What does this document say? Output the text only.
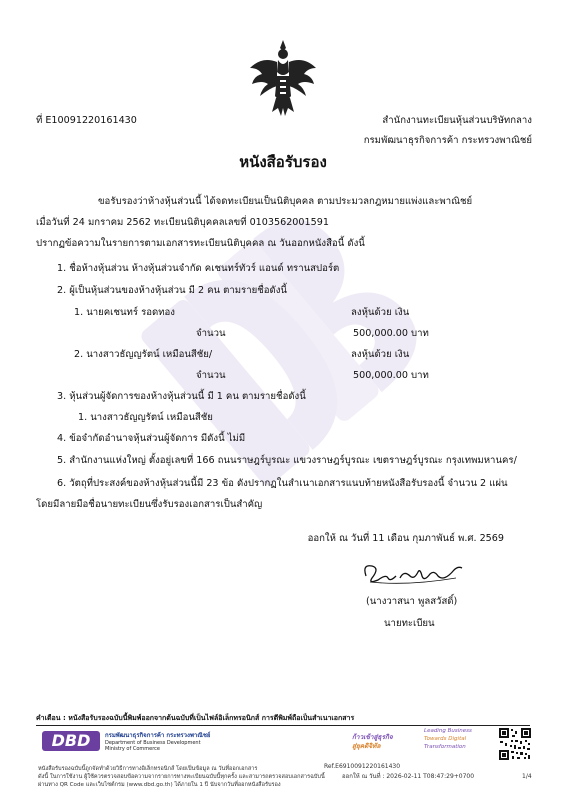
ที่ E10091220161430	สำนักงานทะเบียนหุ้นส่วนบริษัทกลาง
กรมพัฒนาธุรกิจการค้า กระทรวงพาณิชย์
หนังสือรับรอง
ขอรับรองว่าห้างหุ้นส่วนนี้ ได้จดทะเบียนเป็นนิติบุคคล ตามประมวลกฎหมายแพ่งและพาณิชย์
เมื่อวันที่ 24 มกราคม 2562 ทะเบียนนิติบุคคลเลขที่ 0103562001591
ปรากฏข้อความในรายการตามเอกสารทะเบียนนิติบุคคล ณ วันออกหนังสือนี้ ดังนี้
1. ชื่อห้างหุ้นส่วน ห้างหุ้นส่วนจำกัด คเชนทร์ทัวร์ แอนด์ ทรานสปอร์ต
2. ผู้เป็นหุ้นส่วนของห้างหุ้นส่วน มี 2 คน ตามรายชื่อดังนี้
1. นายคเชนทร์ รอดทอง	ลงหุ้นด้วย เงิน
จำนวน	500,000.00 บาท
2. นางสาวธัญญรัตน์ เหมือนสีชัย/	ลงหุ้นด้วย เงิน
จำนวน	500,000.00 บาท
3. หุ้นส่วนผู้จัดการของห้างหุ้นส่วนนี้ มี 1 คน ตามรายชื่อดังนี้
1. นางสาวธัญญรัตน์ เหมือนสีชัย
4. ข้อจำกัดอำนาจหุ้นส่วนผู้จัดการ มีดังนี้ ไม่มี
5. สำนักงานแห่งใหญ่ ตั้งอยู่เลขที่ 166 ถนนราษฎร์บูรณะ แขวงราษฎร์บูรณะ เขตราษฎร์บูรณะ กรุงเทพมหานคร/
6. วัตถุที่ประสงค์ของห้างหุ้นส่วนนี้มี 23 ข้อ ดังปรากฏในสำเนาเอกสารแนบท้ายหนังสือรับรองนี้ จำนวน 2 แผ่น
โดยมีลายมือชื่อนายทะเบียนซึ่งรับรองเอกสารเป็นสำคัญ
ออกให้ ณ วันที่ 11 เดือน กุมภาพันธ์ พ.ศ. 2569
(นางวาสนา พูลสวัสดิ์)
นายทะเบียน
คำเตือน : หนังสือรับรองฉบับนี้พิมพ์ออกจากต้นฉบับที่เป็นไฟล์อิเล็กทรอนิกส์ การตีพิมพ์ถือเป็นสำเนาเอกสาร
DBD	กรมพัฒนาธุรกิจการค้า กระทรวงพาณิชย์
Department of Business Development
Ministry of Commerce
ก้าวเข้าสู่ธุรกิจ
สู่ยุคดิจิทัล
Leading Business
Towards Digital
Transformation
หนังสือรับรองฉบับนี้ถูกจัดทำด้วยวิธีการทางอิเล็กทรอนิกส์ โดยเป็นข้อมูล ณ วันที่ออกเอกสาร
ดังนี้ ในการใช้งาน ผู้ใช้ควรตรวจสอบข้อความจากรายการทางทะเบียนฉบับนี้ทุกครั้ง และสามารถตรวจสอบเอกสารฉบับนี้
ผ่านทาง QR Code และเว็บไซต์กรม (www.dbd.go.th) ได้ภายใน 1 ปี นับจากวันที่ออกหนังสือรับรอง
Ref.E6910091220161430
ออกให้ ณ วันที่ : 2026-02-11 T08:47:29+0700	1/4
